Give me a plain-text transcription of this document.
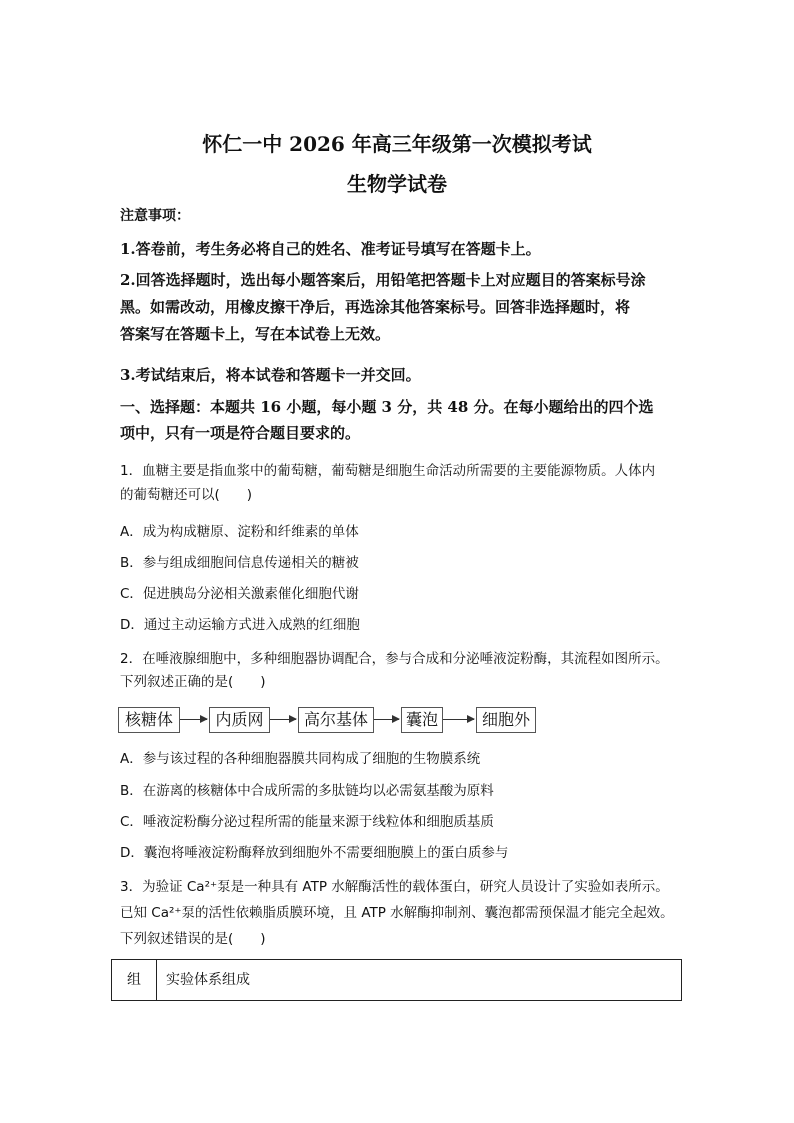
怀仁一中 2026 年高三年级第一次模拟考试
生物学试卷
注意事项：
1.答卷前，考生务必将自己的姓名、准考证号填写在答题卡上。
2.回答选择题时，选出每小题答案后，用铅笔把答题卡上对应题目的答案标号涂
黑。如需改动，用橡皮擦干净后，再选涂其他答案标号。回答非选择题时，将
答案写在答题卡上，写在本试卷上无效。
3.考试结束后，将本试卷和答题卡一并交回。
一、选择题：本题共 16 小题，每小题 3 分，共 48 分。在每小题给出的四个选
项中，只有一项是符合题目要求的。
1．血糖主要是指血浆中的葡萄糖，葡萄糖是细胞生命活动所需要的主要能源物质。人体内
的葡萄糖还可以(　　)
A．成为构成糖原、淀粉和纤维素的单体
B．参与组成细胞间信息传递相关的糖被
C．促进胰岛分泌相关激素催化细胞代谢
D．通过主动运输方式进入成熟的红细胞
2．在唾液腺细胞中，多种细胞器协调配合，参与合成和分泌唾液淀粉酶，其流程如图所示。
下列叙述正确的是(　　)
核糖体	内质网	高尔基体	囊泡	细胞外
A．参与该过程的各种细胞器膜共同构成了细胞的生物膜系统
B．在游离的核糖体中合成所需的多肽链均以必需氨基酸为原料
C．唾液淀粉酶分泌过程所需的能量来源于线粒体和细胞质基质
D．囊泡将唾液淀粉酶释放到细胞外不需要细胞膜上的蛋白质参与
3．为验证 Ca²⁺泵是一种具有 ATP 水解酶活性的载体蛋白，研究人员设计了实验如表所示。
已知 Ca²⁺泵的活性依赖脂质膜环境，且 ATP 水解酶抑制剂、囊泡都需预保温才能完全起效。
下列叙述错误的是(　　)
组	实验体系组成
